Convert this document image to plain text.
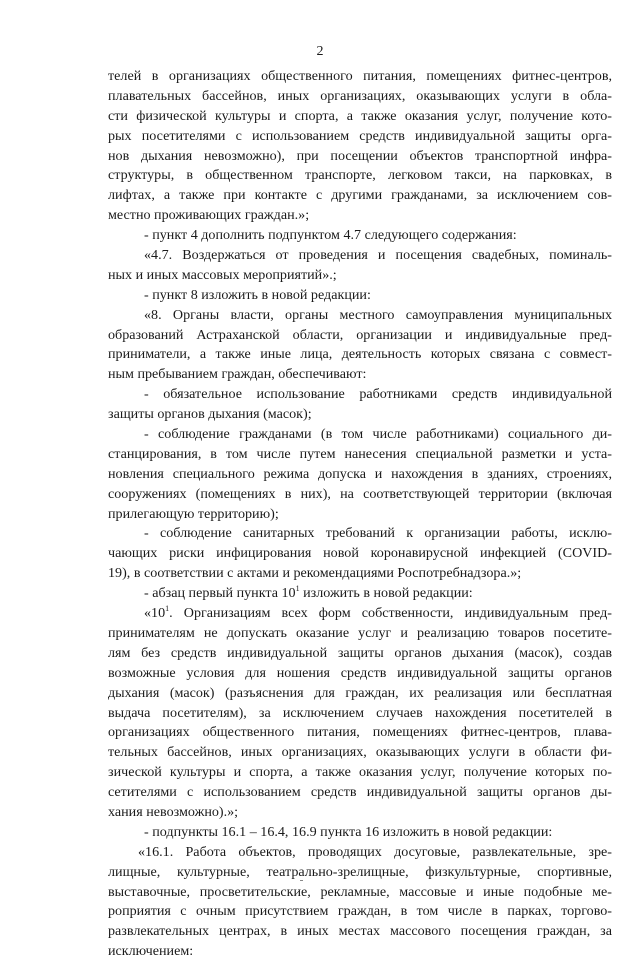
2
телей в организациях общественного питания, помещениях фитнес-центров,
плавательных бассейнов, иных организациях, оказывающих услуги в обла-
сти физической культуры и спорта, а также оказания услуг, получение кото-
рых посетителями с использованием средств индивидуальной защиты орга-
нов дыхания невозможно), при посещении объектов транспортной инфра-
структуры, в общественном транспорте, легковом такси, на парковках, в
лифтах, а также при контакте с другими гражданами, за исключением сов-
местно проживающих граждан.»;
- пункт 4 дополнить подпунктом 4.7 следующего содержания:
«4.7. Воздержаться от проведения и посещения свадебных, поминаль-
ных и иных массовых мероприятий».;
- пункт 8 изложить в новой редакции:
«8. Органы власти, органы местного самоуправления муниципальных
образований Астраханской области, организации и индивидуальные пред-
приниматели, а также иные лица, деятельность которых связана с совмест-
ным пребыванием граждан, обеспечивают:
- обязательное использование работниками средств индивидуальной
защиты органов дыхания (масок);
- соблюдение гражданами (в том числе работниками) социального ди-
станцирования, в том числе путем нанесения специальной разметки и уста-
новления специального режима допуска и нахождения в зданиях, строениях,
сооружениях (помещениях в них), на соответствующей территории (включая
прилегающую территорию);
- соблюдение санитарных требований к организации работы, исклю-
чающих риски инфицирования новой коронавирусной инфекцией (COVID-
19), в соответствии с актами и рекомендациями Роспотребнадзора.»;
- абзац первый пункта $10^1$ изложить в новой редакции:
«$10^1$. Организациям всех форм собственности, индивидуальным пред-
принимателям не допускать оказание услуг и реализацию товаров посетите-
лям без средств индивидуальной защиты органов дыхания (масок), создав
возможные условия для ношения средств индивидуальной защиты органов
дыхания (масок) (разъяснения для граждан, их реализация или бесплатная
выдача посетителям), за исключением случаев нахождения посетителей в
организациях общественного питания, помещениях фитнес-центров, плава-
тельных бассейнов, иных организациях, оказывающих услуги в области фи-
зической культуры и спорта, а также оказания услуг, получение которых по-
сетителями с использованием средств индивидуальной защиты органов ды-
хания невозможно).»;
- подпункты 16.1 – 16.4, 16.9 пункта 16 изложить в новой редакции:
«16.1. Работа объектов, проводящих досуговые, развлекательные, зре-
лищные, культурные, театрально-зрелищные, физкультурные, спортивные,
выставочные, просветительские, рекламные, массовые и иные подобные ме-
роприятия с очным присутствием граждан, в том числе в парках, торгово-
развлекательных центрах, в иных местах массового посещения граждан, за
исключением:
